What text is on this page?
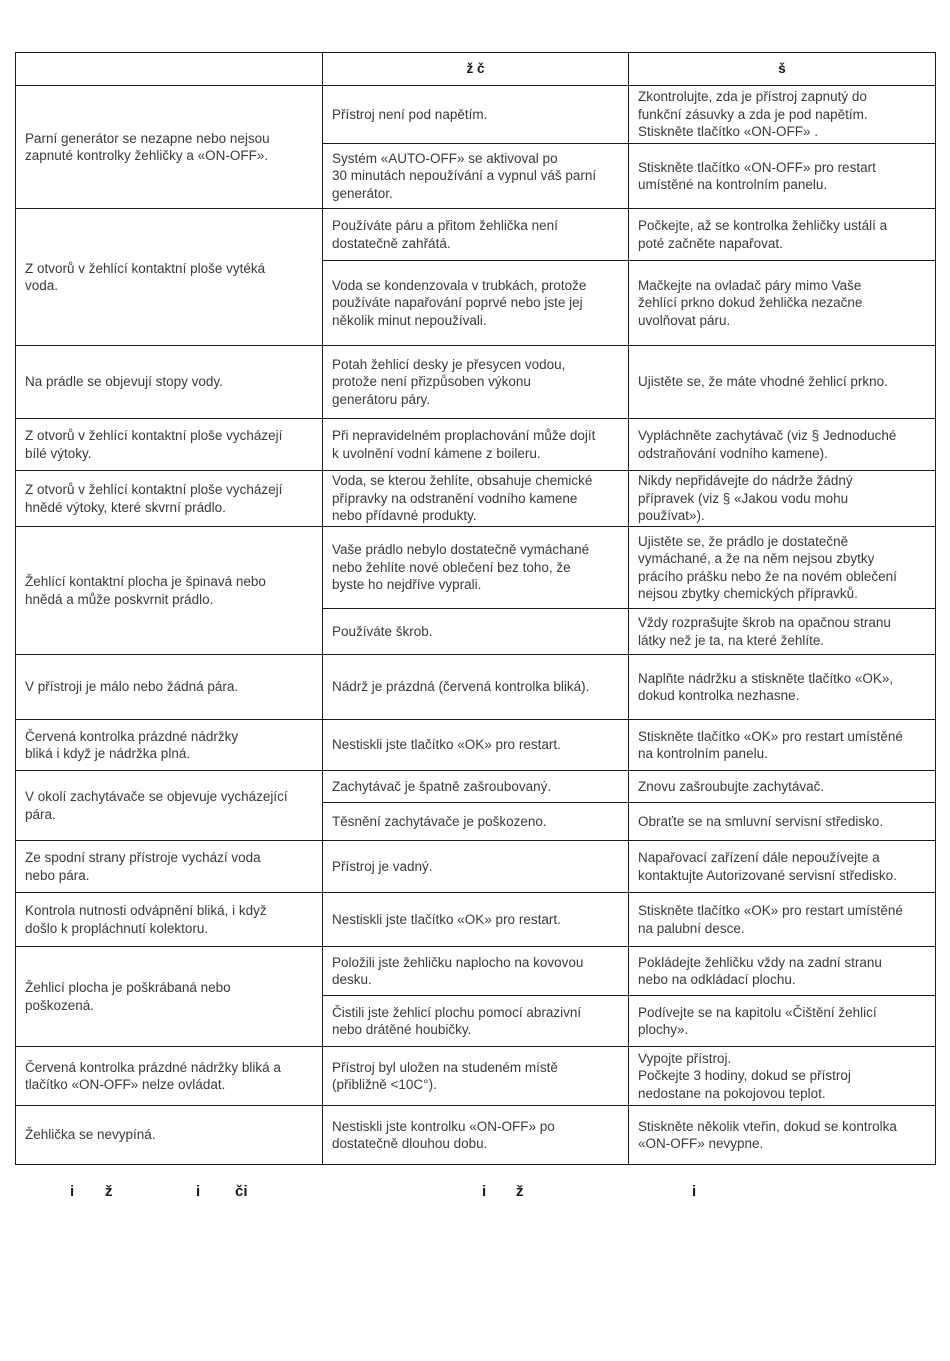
	ž č	š
Parní generátor se nezapne nebo nejsou
zapnuté kontrolky žehličky a «ON-OFF».	Přístroj není pod napětím.	Zkontrolujte, zda je přístroj zapnutý do
funkční zásuvky a zda je pod napětím.
Stiskněte tlačítko «ON-OFF» .
	Systém «AUTO-OFF» se aktivoval po
30 minutách nepoužívání a vypnul váš parní
generátor.	Stiskněte tlačítko «ON-OFF» pro restart
umístěné na kontrolním panelu.
Z otvorů v žehlící kontaktní ploše vytéká
voda.	Používáte páru a přitom žehlička není
dostatečně zahřátá.	Počkejte, až se kontrolka žehličky ustálí a
poté začněte napařovat.
	Voda se kondenzovala v trubkách, protože
používáte napařování poprvé nebo jste jej
několik minut nepoužívali.	Mačkejte na ovladač páry mimo Vaše
žehlící prkno dokud žehlička nezačne
uvolňovat páru.
Na prádle se objevují stopy vody.	Potah žehlicí desky je přesycen vodou,
protože není přizpůsoben výkonu
generátoru páry.	Ujistěte se, že máte vhodné žehlicí prkno.
Z otvorů v žehlící kontaktní ploše vycházejí
bílé výtoky.	Při nepravidelném proplachování může dojít
k uvolnění vodní kámene z boileru.	Vypláchněte zachytávač (viz § Jednoduché
odstraňování vodního kamene).
Z otvorů v žehlící kontaktní ploše vycházejí
hnědé výtoky, které skvrní prádlo.	Voda, se kterou žehlíte, obsahuje chemické
přípravky na odstranění vodního kamene
nebo přídavné produkty.	Nikdy nepřidávejte do nádrže žádný
přípravek (viz § «Jakou vodu mohu
používat»).
Žehlící kontaktní plocha je špinavá nebo
hnědá a může poskvrnit prádlo.	Vaše prádlo nebylo dostatečně vymáchané
nebo žehlíte nové oblečení bez toho, že
byste ho nejdříve vyprali.	Ujistěte se, že prádlo je dostatečně
vymáchané, a že na něm nejsou zbytky
prácího prášku nebo že na novém oblečení
nejsou zbytky chemických přípravků.
	Používáte škrob.	Vždy rozprašujte škrob na opačnou stranu
látky než je ta, na které žehlíte.
V přístroji je málo nebo žádná pára.	Nádrž je prázdná (červená kontrolka bliká).	Naplňte nádržku a stiskněte tlačítko «OK»,
dokud kontrolka nezhasne.
Červená kontrolka prázdné nádržky
bliká i když je nádržka plná.	Nestiskli jste tlačítko «OK» pro restart.	Stiskněte tlačítko «OK» pro restart umístěné
na kontrolním panelu.
V okolí zachytávače se objevuje vycházející
pára.	Zachytávač je špatně zašroubovaný.	Znovu zašroubujte zachytávač.
	Těsnění zachytávače je poškozeno.	Obraťte se na smluvní servisní středisko.
Ze spodní strany přístroje vychází voda
nebo pára.	Přístroj je vadný.	Napařovací zařízení dále nepoužívejte a
kontaktujte Autorizované servisní středisko.
Kontrola nutnosti odvápnění bliká, i když
došlo k propláchnutí kolektoru.	Nestiskli jste tlačítko «OK» pro restart.	Stiskněte tlačítko «OK» pro restart umístěné
na palubní desce.
Žehlicí plocha je poškrábaná nebo
poškozená.	Položili jste žehličku naplocho na kovovou
desku.	Pokládejte žehličku vždy na zadní stranu
nebo na odkládací plochu.
	Čistili jste žehlicí plochu pomocí abrazivní
nebo drátěné houbičky.	Podívejte se na kapitolu «Čištění žehlicí
plochy».
Červená kontrolka prázdné nádržky bliká a
tlačítko «ON-OFF» nelze ovládat.	Přístroj byl uložen na studeném místě
(přibližně <10C°).	Vypojte přístroj.
Počkejte 3 hodiny, dokud se přístroj
nedostane na pokojovou teplot.
Žehlička se nevypíná.	Nestiskli jste kontrolku «ON-OFF» po
dostatečně dlouhou dobu.	Stiskněte několik vteřin, dokud se kontrolka
«ON-OFF» nevypne.
i ž	i či	i ž	i
